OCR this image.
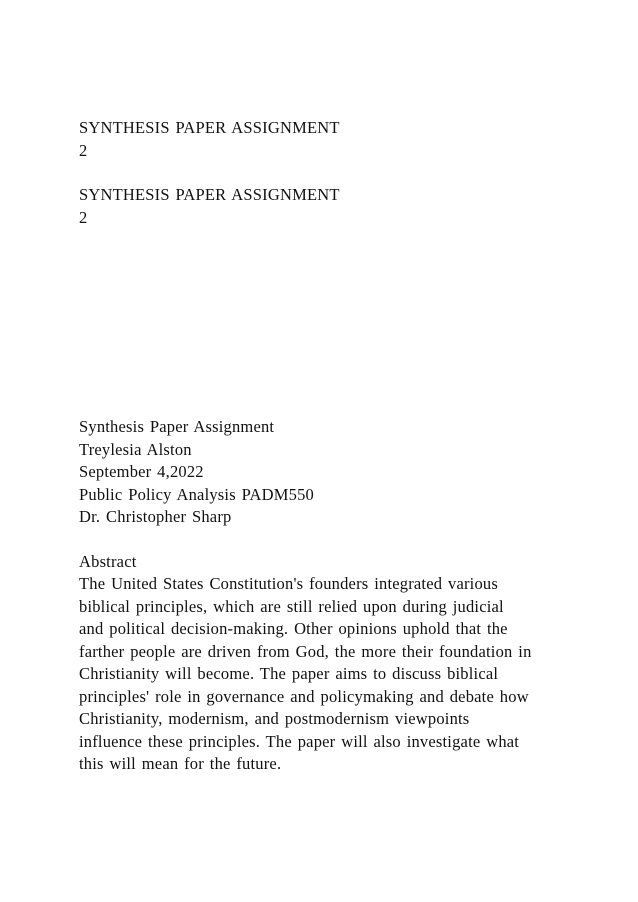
SYNTHESIS PAPER ASSIGNMENT
2
SYNTHESIS PAPER ASSIGNMENT
2
Synthesis Paper Assignment
Treylesia Alston
September 4,2022
Public Policy Analysis PADM550
Dr. Christopher Sharp
Abstract
The United States Constitution's founders integrated various
biblical principles, which are still relied upon during judicial
and political decision-making. Other opinions uphold that the
farther people are driven from God, the more their foundation in
Christianity will become. The paper aims to discuss biblical
principles' role in governance and policymaking and debate how
Christianity, modernism, and postmodernism viewpoints
influence these principles. The paper will also investigate what
this will mean for the future.
